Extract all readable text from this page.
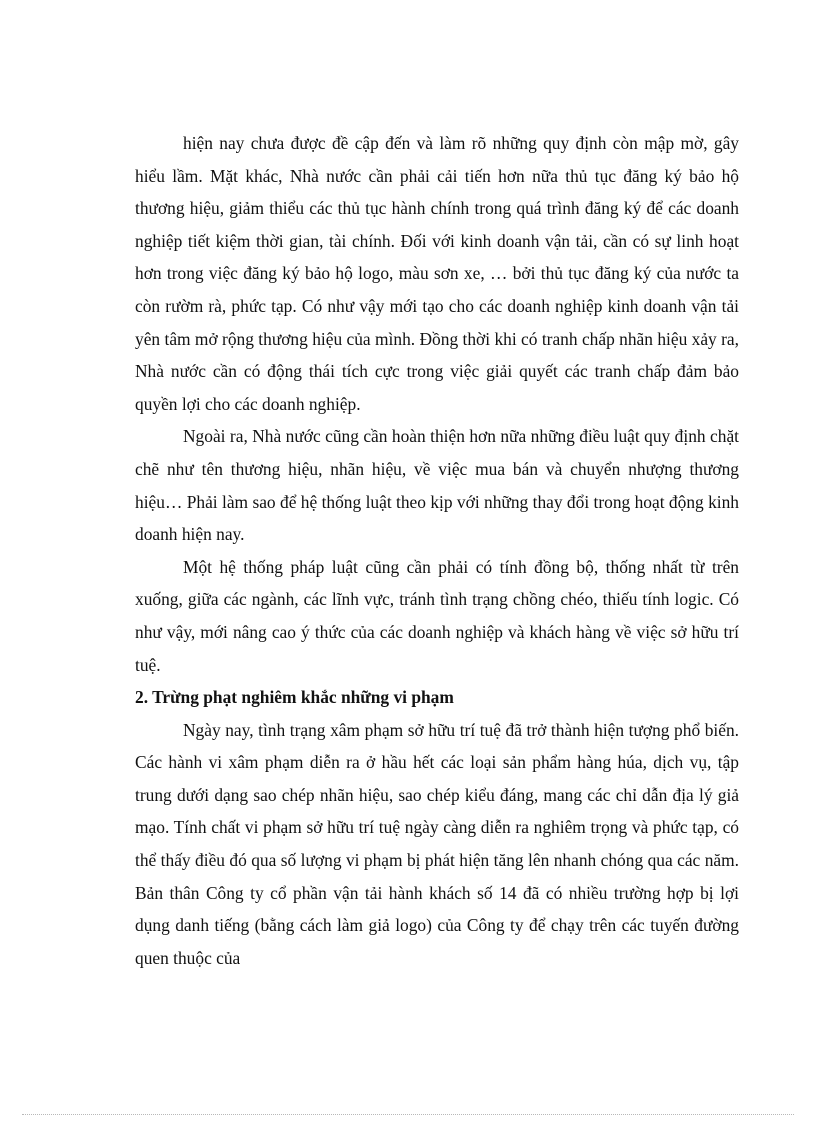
hiện nay chưa được đề cập đến và làm rõ những quy định còn mập mờ, gây hiểu lầm. Mặt khác, Nhà nước cần phải cải tiến hơn nữa thủ tục đăng ký bảo hộ thương hiệu, giảm thiểu các thủ tục hành chính trong quá trình đăng ký để các doanh nghiệp tiết kiệm thời gian, tài chính. Đối với kinh doanh vận tải, cần có sự linh hoạt hơn trong việc đăng ký bảo hộ logo, màu sơn xe, … bởi thủ tục đăng ký của nước ta còn rườm rà, phức tạp. Có như vậy mới tạo cho các doanh nghiệp kinh doanh vận tải yên tâm mở rộng thương hiệu của mình. Đồng thời khi có tranh chấp nhãn hiệu xảy ra, Nhà nước cần có động thái tích cực trong việc giải quyết các tranh chấp đảm bảo quyền lợi cho các doanh nghiệp.

Ngoài ra, Nhà nước cũng cần hoàn thiện hơn nữa những điều luật quy định chặt chẽ như tên thương hiệu, nhãn hiệu, về việc mua bán và chuyển nhượng thương hiệu… Phải làm sao để hệ thống luật theo kịp với những thay đổi trong hoạt động kinh doanh hiện nay.

Một hệ thống pháp luật cũng cần phải có tính đồng bộ, thống nhất từ trên xuống, giữa các ngành, các lĩnh vực, tránh tình trạng chồng chéo, thiếu tính logic. Có như vậy, mới nâng cao ý thức của các doanh nghiệp và khách hàng về việc sở hữu trí tuệ.

2. Trừng phạt nghiêm khắc những vi phạm

Ngày nay, tình trạng xâm phạm sở hữu trí tuệ đã trở thành hiện tượng phổ biến. Các hành vi xâm phạm diễn ra ở hầu hết các loại sản phẩm hàng húa, dịch vụ, tập trung dưới dạng sao chép nhãn hiệu, sao chép kiểu đáng, mang các chỉ dẫn địa lý giả mạo. Tính chất vi phạm sở hữu trí tuệ ngày càng diễn ra nghiêm trọng và phức tạp, có thể thấy điều đó qua số lượng vi phạm bị phát hiện tăng lên nhanh chóng qua các năm. Bản thân Công ty cổ phần vận tải hành khách số 14 đã có nhiều trường hợp bị lợi dụng danh tiếng (bằng cách làm giả logo) của Công ty để chạy trên các tuyến đường quen thuộc của
